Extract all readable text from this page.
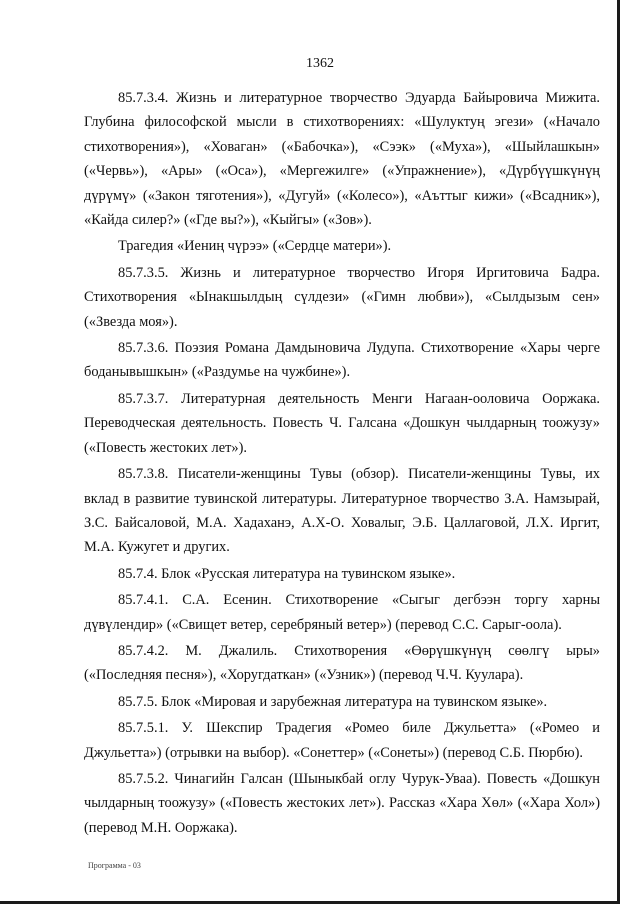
1362

85.7.3.4. Жизнь и литературное творчество Эдуарда Байыровича Мижита. Глубина философской мысли в стихотворениях: «Шулуктуң эгези» («Начало стихотворения»), «Ховаган» («Бабочка»), «Сээк» («Муха»), «Шыйлашкын» («Червь»), «Ары» («Оса»), «Мергежилге» («Упражнение»), «Дүрбүүшкүнүң дүрүмү» («Закон тяготения»), «Дугуй» («Колесо»), «Аъттыг кижи» («Всадник»), «Кайда силер?» («Где вы?»), «Кыйгы» («Зов»).

Трагедия «Иениң чүрээ» («Сердце матери»).

85.7.3.5. Жизнь и литературное творчество Игоря Иргитовича Бадра. Стихотворения «Ынакшылдың сүлдези» («Гимн любви»), «Сылдызым сен» («Звезда моя»).

85.7.3.6. Поэзия Романа Дамдыновича Лудупа. Стихотворение «Хары черге боданывышкын» («Раздумье на чужбине»).

85.7.3.7. Литературная деятельность Менги Нагаан-ооловича Ооржака. Переводческая деятельность. Повесть Ч. Галсана «Дошкун чылдарның тоожузу» («Повесть жестоких лет»).

85.7.3.8. Писатели-женщины Тувы (обзор). Писатели-женщины Тувы, их вклад в развитие тувинской литературы. Литературное творчество З.А. Намзырай, З.С. Байсаловой, М.А. Хадаханэ, А.Х-О. Ховалыг, Э.Б. Цаллаговой, Л.Х. Иргит, М.А. Кужугет и других.

85.7.4. Блок «Русская литература на тувинском языке».

85.7.4.1. С.А. Есенин. Стихотворение «Сыгыг дегбээн торгу харны дүвүлендир» («Свищет ветер, серебряный ветер») (перевод С.С. Сарыг-оола).

85.7.4.2. М. Джалиль. Стихотворения «Өөрүшкүнүң сөөлгү ыры» («Последняя песня»), «Хоругдаткан» («Узник») (перевод Ч.Ч. Куулара).

85.7.5. Блок «Мировая и зарубежная литература на тувинском языке».

85.7.5.1. У. Шекспир Традегия «Ромео биле Джульетта» («Ромео и Джульетта») (отрывки на выбор). «Сонеттер» («Сонеты») (перевод С.Б. Пюрбю).

85.7.5.2. Чинагийн Галсан (Шыныкбай оглу Чурук-Уваа). Повесть «Дошкун чылдарның тоожузу» («Повесть жестоких лет»). Рассказ «Хара Хөл» («Хара Хол») (перевод М.Н. Ооржака).

Программа - 03
